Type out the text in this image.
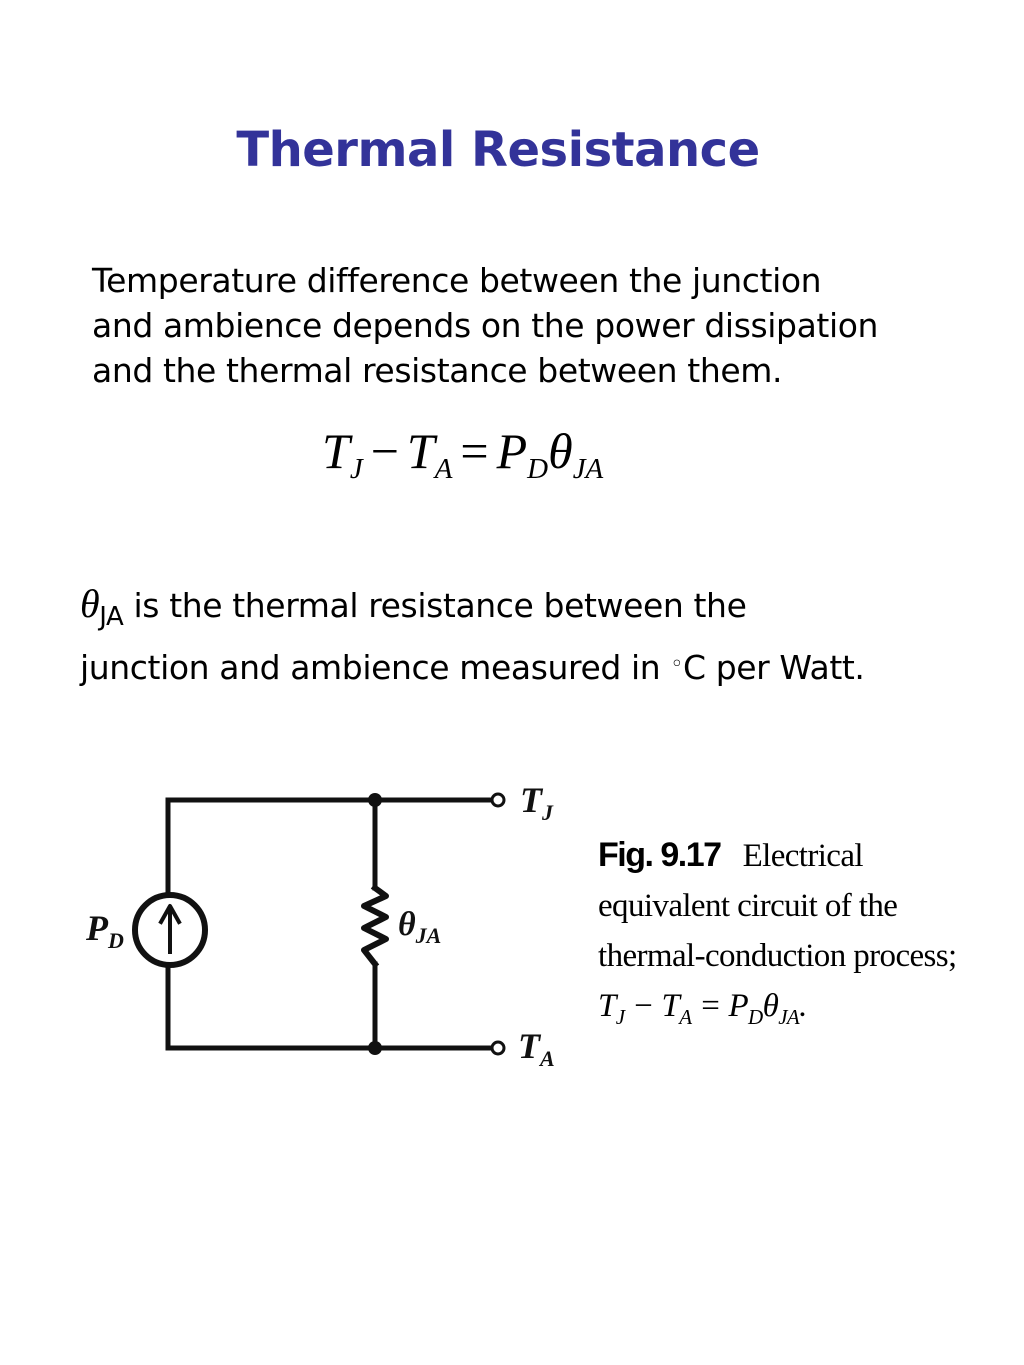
Thermal Resistance
Temperature difference between the junction
and ambience depends on the power dissipation
and the thermal resistance between them.
$T_J - T_A = P_D\theta_{JA}$
$\theta_{JA}$ is the thermal resistance between the
junction and ambience measured in ◦C per Watt.
$P_D$	$\theta_{JA}$
$T_J$
$T_A$
Fig. 9.17 Electrical
equivalent circuit of the
thermal-conduction process;
$T_J - T_A = P_D\theta_{JA}$.
